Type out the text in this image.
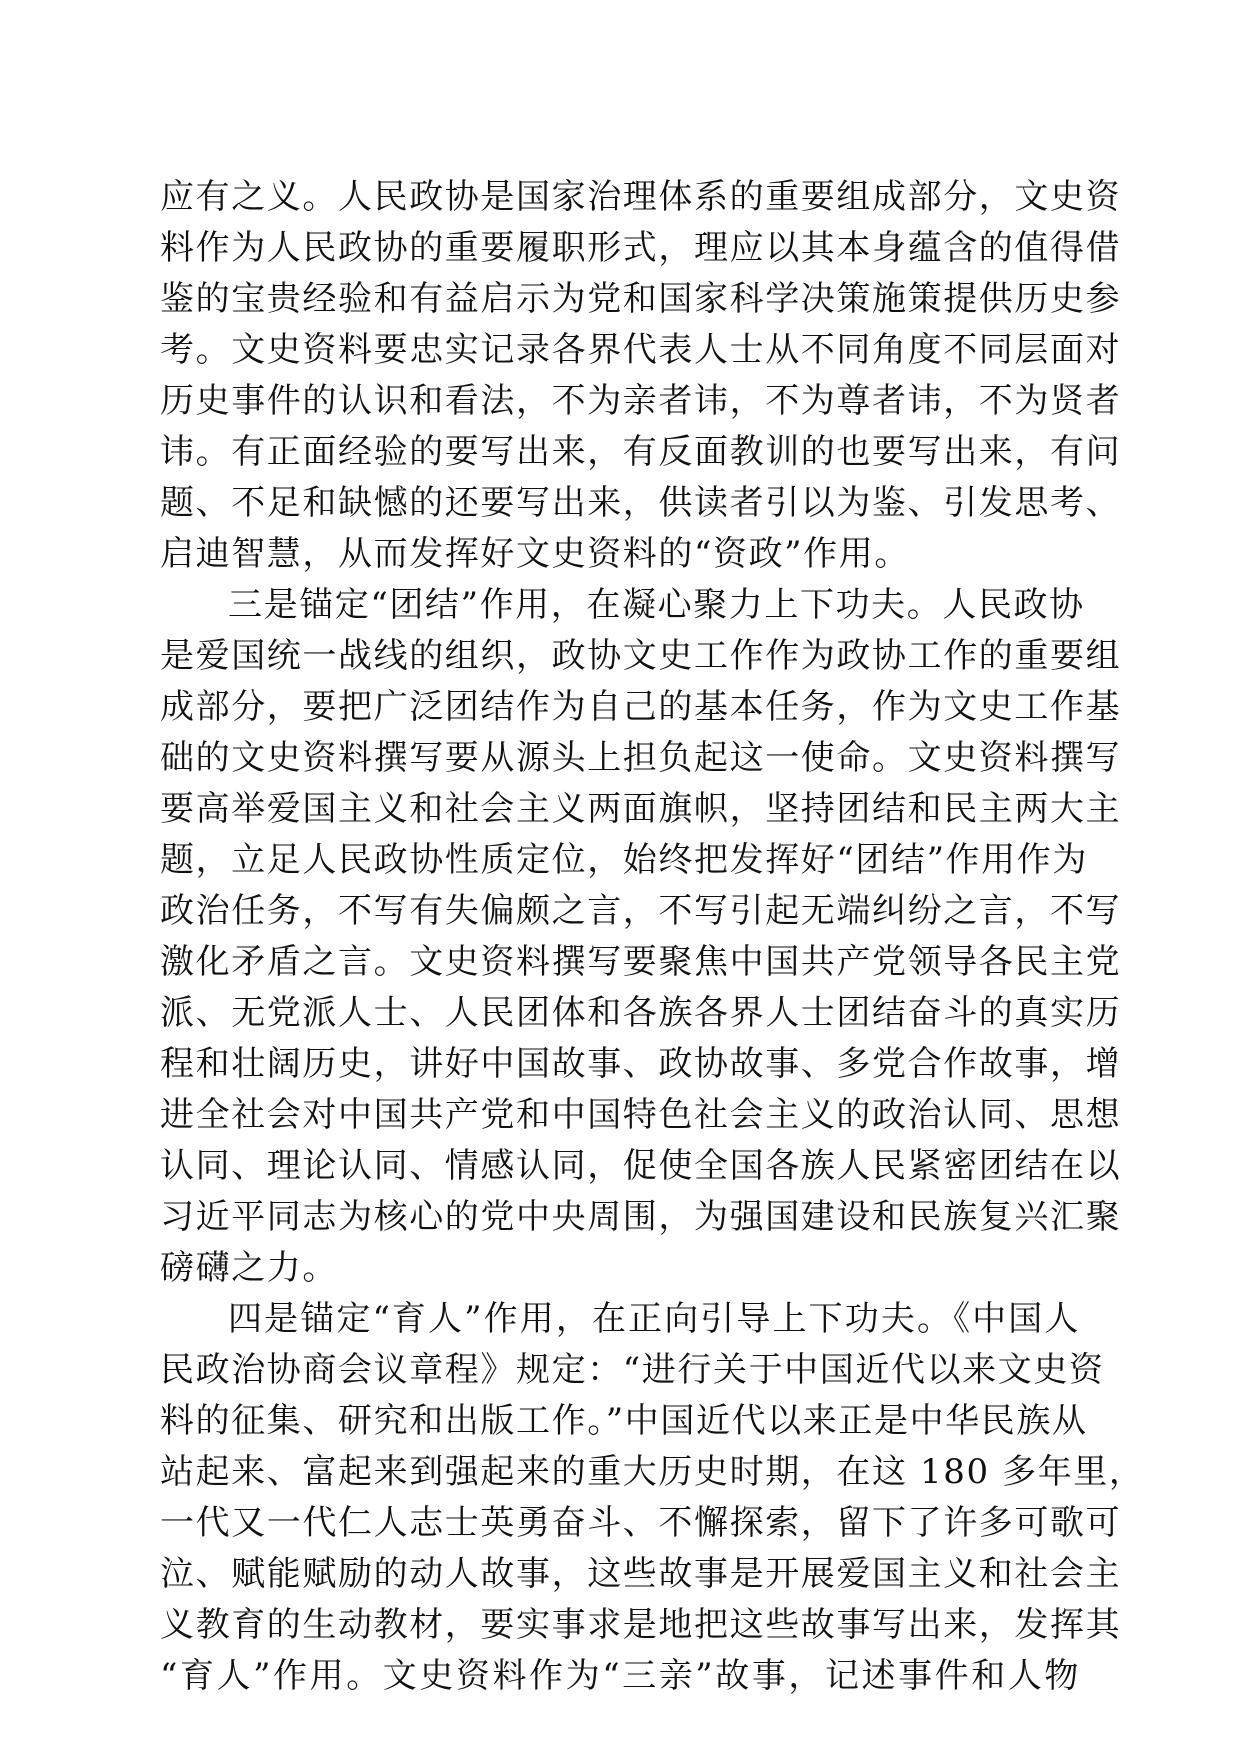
应有之义。人民政协是国家治理体系的重要组成部分，文史资
料作为人民政协的重要履职形式，理应以其本身蕴含的值得借
鉴的宝贵经验和有益启示为党和国家科学决策施策提供历史参
考。文史资料要忠实记录各界代表人士从不同角度不同层面对
历史事件的认识和看法，不为亲者讳，不为尊者讳，不为贤者
讳。有正面经验的要写出来，有反面教训的也要写出来，有问
题、不足和缺憾的还要写出来，供读者引以为鉴、引发思考、
启迪智慧，从而发挥好文史资料的“资政”作用。
三是锚定“团结”作用，在凝心聚力上下功夫。人民政协
是爱国统一战线的组织，政协文史工作作为政协工作的重要组
成部分，要把广泛团结作为自己的基本任务，作为文史工作基
础的文史资料撰写要从源头上担负起这一使命。文史资料撰写
要高举爱国主义和社会主义两面旗帜，坚持团结和民主两大主
题，立足人民政协性质定位，始终把发挥好“团结”作用作为
政治任务，不写有失偏颇之言，不写引起无端纠纷之言，不写
激化矛盾之言。文史资料撰写要聚焦中国共产党领导各民主党
派、无党派人士、人民团体和各族各界人士团结奋斗的真实历
程和壮阔历史，讲好中国故事、政协故事、多党合作故事，增
进全社会对中国共产党和中国特色社会主义的政治认同、思想
认同、理论认同、情感认同，促使全国各族人民紧密团结在以
习近平同志为核心的党中央周围，为强国建设和民族复兴汇聚
磅礴之力。
四是锚定“育人”作用，在正向引导上下功夫。《中国人
民政治协商会议章程》规定：“进行关于中国近代以来文史资
料的征集、研究和出版工作。”中国近代以来正是中华民族从
站起来、富起来到强起来的重大历史时期，在这 180 多年里，
一代又一代仁人志士英勇奋斗、不懈探索，留下了许多可歌可
泣、赋能赋励的动人故事，这些故事是开展爱国主义和社会主
义教育的生动教材，要实事求是地把这些故事写出来，发挥其
“育人”作用。文史资料作为“三亲”故事，记述事件和人物
